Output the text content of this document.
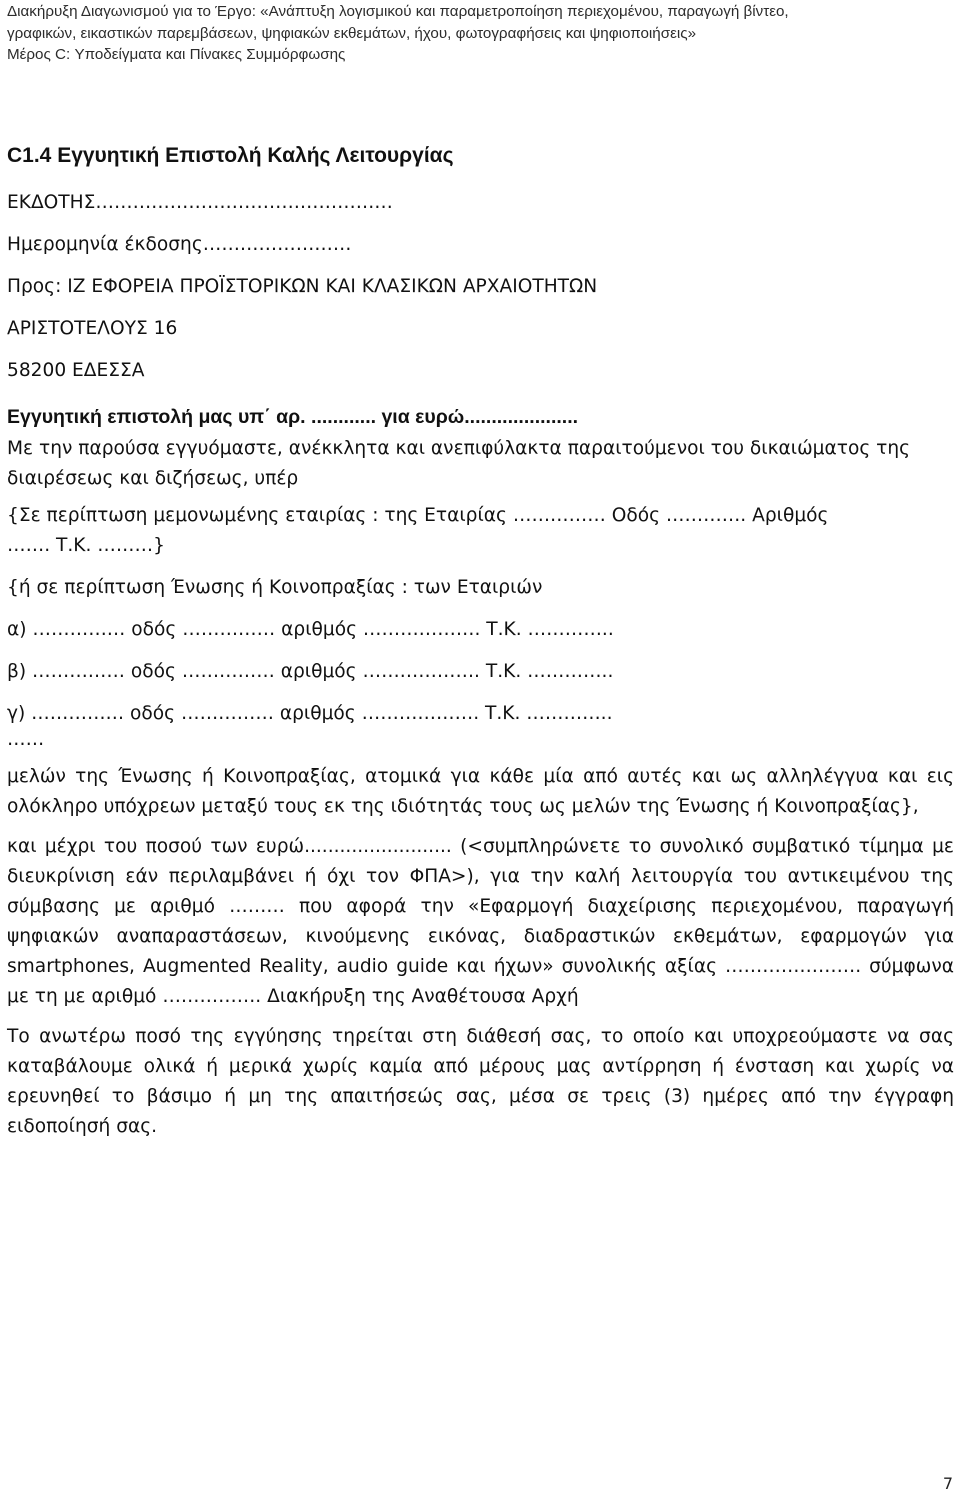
Διακήρυξη Διαγωνισμού για το Έργο: «Ανάπτυξη λογισμικού και παραμετροποίηση περιεχομένου, παραγωγή βίντεο,
γραφικών, εικαστικών παρεμβάσεων, ψηφιακών εκθεμάτων, ήχου, φωτογραφήσεις και ψηφιοποιήσεις»
Μέρος C: Υποδείγματα και Πίνακες Συμμόρφωσης
C1.4 Εγγυητική Επιστολή Καλής Λειτουργίας
ΕΚΔΟΤΗΣ…………………………………………
Ημερομηνία έκδοσης……………………
Προς: ΙΖ ΕΦΟΡΕΙΑ ΠΡΟΪΣΤΟΡΙΚΩΝ ΚΑΙ ΚΛΑΣΙΚΩΝ ΑΡΧΑΙΟΤΗΤΩΝ
ΑΡΙΣΤΟΤΕΛΟΥΣ 16
58200 ΕΔΕΣΣΑ
Εγγυητική επιστολή μας υπ΄ αρ. ............ για ευρώ.....................
Με την παρούσα εγγυόμαστε, ανέκκλητα και ανεπιφύλακτα παραιτούμενοι του δικαιώματος της διαιρέσεως και διζήσεως, υπέρ
{Σε περίπτωση μεμονωμένης εταιρίας : της Εταιρίας …………… Οδός …………. Αριθμός
……. Τ.Κ. ………}
{ή σε περίπτωση Ένωσης ή Κοινοπραξίας : των Εταιριών
α) …………… οδός …………… αριθμός ………………. Τ.Κ. …………..
β) …………… οδός …………… αριθμός ………………. Τ.Κ. …………..
γ) …………… οδός …………… αριθμός ………………. Τ.Κ. …………..
……
μελών της Ένωσης ή Κοινοπραξίας, ατομικά για κάθε μία από αυτές και ως αλληλέγγυα και εις ολόκληρο υπόχρεων μεταξύ τους εκ της ιδιότητάς τους ως μελών της Ένωσης ή Κοινοπραξίας},
και μέχρι του ποσού των ευρώ......................... (<συμπληρώνετε το συνολικό συμβατικό τίμημα με διευκρίνιση εάν περιλαμβάνει ή όχι τον ΦΠΑ>), για την καλή λειτουργία του αντικειμένου της σύμβασης με αριθμό ……… που αφορά την «Εφαρμογή διαχείρισης περιεχομένου, παραγωγή ψηφιακών αναπαραστάσεων, κινούμενης εικόνας, διαδραστικών εκθεμάτων, εφαρμογών για smartphones, Augmented Reality, audio guide και ήχων» συνολικής αξίας …………………. σύμφωνα με τη με αριθμό ……………. Διακήρυξη της Αναθέτουσα Αρχή
Το ανωτέρω ποσό της εγγύησης τηρείται στη διάθεσή σας, το οποίο και υποχρεούμαστε να σας καταβάλουμε ολικά ή μερικά χωρίς καμία από μέρους μας αντίρρηση ή ένσταση και χωρίς να ερευνηθεί το βάσιμο ή μη της απαιτήσεώς σας, μέσα σε τρεις (3) ημέρες από την έγγραφη ειδοποίησή σας.
7
